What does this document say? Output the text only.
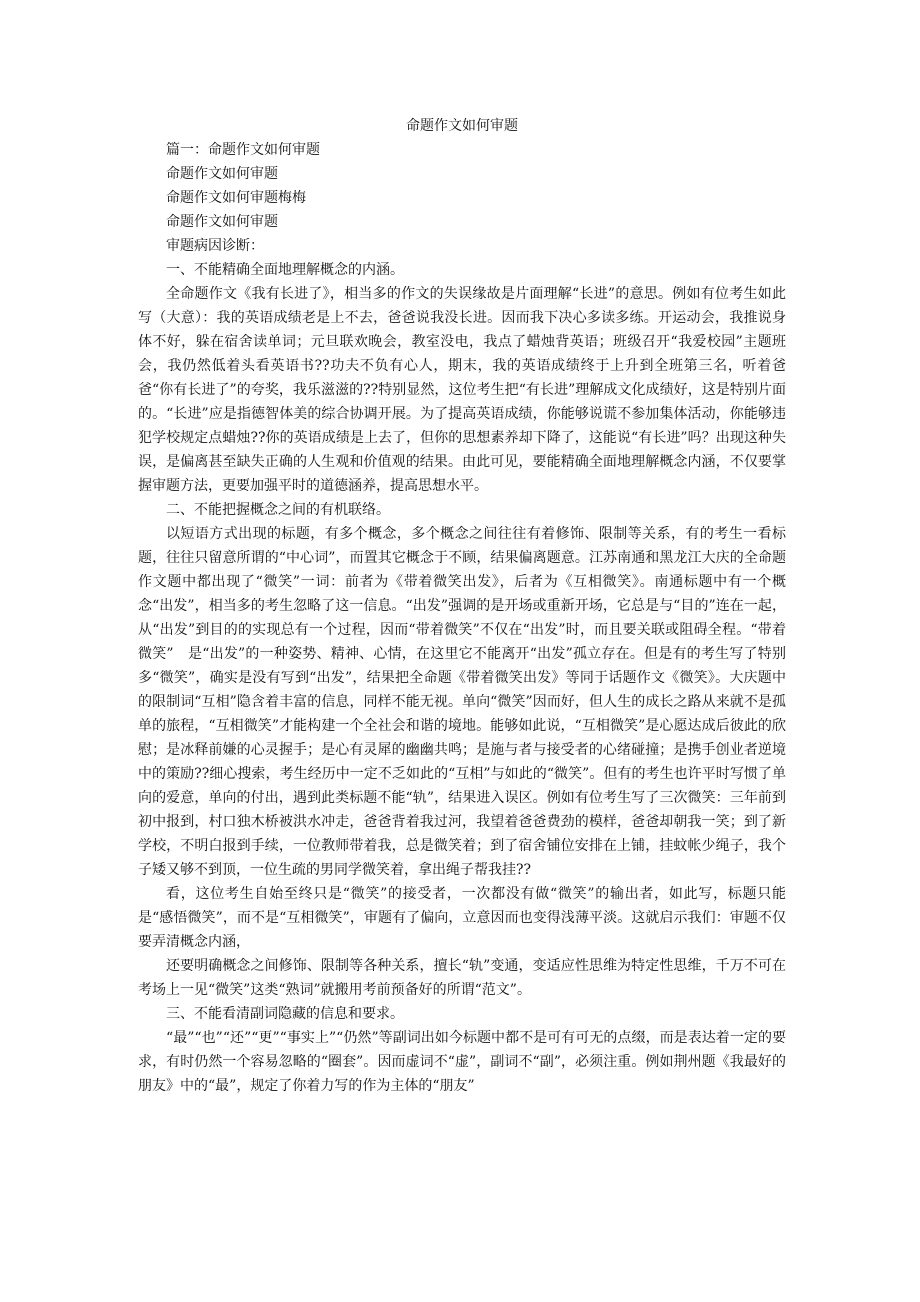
命题作文如何审题

篇一：命题作文如何审题

命题作文如何审题

命题作文如何审题梅梅

命题作文如何审题

审题病因诊断：

一、不能精确全面地理解概念的内涵。

全命题作文《我有长进了》，相当多的作文的失误缘故是片面理解“长进”的意思。例如有位考生如此写（大意）：我的英语成绩老是上不去，爸爸说我没长进。因而我下决心多读多练。开运动会，我推说身体不好，躲在宿舍读单词；元旦联欢晚会，教室没电，我点了蜡烛背英语；班级召开“我爱校园”主题班会，我仍然低着头看英语书??功夫不负有心人，期末，我的英语成绩终于上升到全班第三名，听着爸爸“你有长进了”的夸奖，我乐滋滋的??特别显然，这位考生把“有长进”理解成文化成绩好，这是特别片面的。“长进”应是指德智体美的综合协调开展。为了提高英语成绩，你能够说谎不参加集体活动，你能够违犯学校规定点蜡烛??你的英语成绩是上去了，但你的思想素养却下降了，这能说“有长进”吗？出现这种失误，是偏离甚至缺失正确的人生观和价值观的结果。由此可见，要能精确全面地理解概念内涵，不仅要掌握审题方法，更要加强平时的道德涵养，提高思想水平。

二、不能把握概念之间的有机联络。

以短语方式出现的标题，有多个概念，多个概念之间往往有着修饰、限制等关系，有的考生一看标题，往往只留意所谓的“中心词”，而置其它概念于不顾，结果偏离题意。江苏南通和黑龙江大庆的全命题作文题中都出现了“微笑”一词：前者为《带着微笑出发》，后者为《互相微笑》。南通标题中有一个概念“出发”，相当多的考生忽略了这一信息。“出发”强调的是开场或重新开场，它总是与“目的”连在一起，从“出发”到目的的实现总有一个过程，因而“带着微笑”不仅在“出发”时，而且要关联或阻碍全程。“带着微笑”　是“出发”的一种姿势、精神、心情，在这里它不能离开“出发”孤立存在。但是有的考生写了特别多“微笑”，确实是没有写到“出发”，结果把全命题《带着微笑出发》等同于话题作文《微笑》。大庆题中的限制词“互相”隐含着丰富的信息，同样不能无视。单向“微笑”因而好，但人生的成长之路从来就不是孤单的旅程，“互相微笑”才能构建一个全社会和谐的境地。能够如此说，“互相微笑”是心愿达成后彼此的欣慰；是冰释前嫌的心灵握手；是心有灵犀的幽幽共鸣；是施与者与接受者的心绪碰撞；是携手创业者逆境中的策励??细心搜索，考生经历中一定不乏如此的“互相”与如此的“微笑”。但有的考生也许平时写惯了单向的爱意，单向的付出，遇到此类标题不能“轨”，结果进入误区。例如有位考生写了三次微笑：三年前到初中报到，村口独木桥被洪水冲走，爸爸背着我过河，我望着爸爸费劲的模样，爸爸却朝我一笑；到了新学校，不明白报到手续，一位教师带着我，总是微笑着；到了宿舍铺位安排在上铺，挂蚊帐少绳子，我个子矮又够不到顶，一位生疏的男同学微笑着，拿出绳子帮我挂??

看，这位考生自始至终只是“微笑”的接受者，一次都没有做“微笑”的输出者，如此写，标题只能是“感悟微笑”，而不是“互相微笑”，审题有了偏向，立意因而也变得浅薄平淡。这就启示我们：审题不仅要弄清概念内涵，

还要明确概念之间修饰、限制等各种关系，擅长“轨”变通，变适应性思维为特定性思维，千万不可在考场上一见“微笑”这类“熟词”就搬用考前预备好的所谓“范文”。

三、不能看清副词隐藏的信息和要求。

“最”“也”“还”“更”“事实上”“仍然”等副词出如今标题中都不是可有可无的点缀，而是表达着一定的要求，有时仍然一个容易忽略的“圈套”。因而虚词不“虚”，副词不“副”，必须注重。例如荆州题《我最好的朋友》中的“最”，规定了你着力写的作为主体的“朋友”
